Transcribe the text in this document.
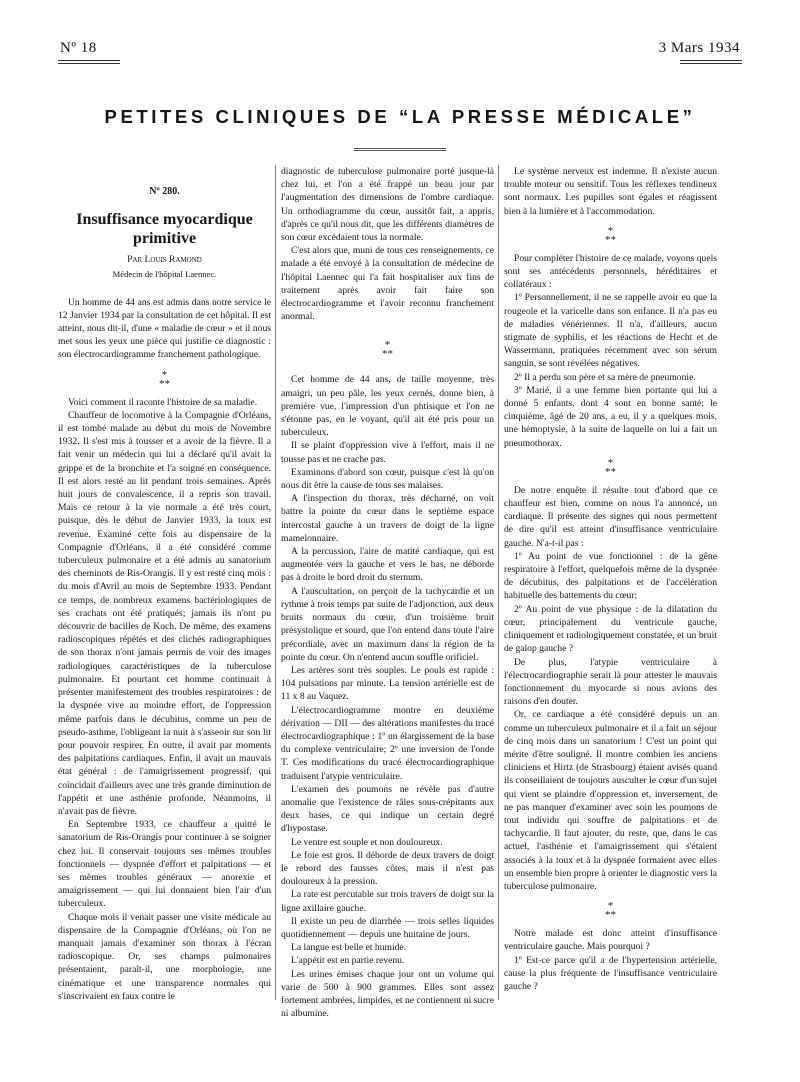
Nº 18	3 Mars 1934
PETITES CLINIQUES DE “LA PRESSE MÉDICALE”
Nº 280.
Insuffisance myocardique primitive
Par Louis Ramond
Médecin de l'hôpital Laennec.

Un homme de 44 ans est admis dans notre service le 12 Janvier 1934 par la consultation de cet hôpital. Il est atteint, nous dit-il, d'une « maladie de cœur » et il nous met sous les yeux une pièce qui justifie ce diagnostic : son électrocardiogramme franchement pathologique.

*
**

Voici comment il raconte l'histoire de sa maladie.

Chauffeur de locomotive à la Compagnie d'Orléans, il est tombé malade au début du mois de Novembre 1932. Il s'est mis à tousser et a avoir de la fièvre. Il a fait venir un médecin qui lui a déclaré qu'il avait la grippe et de la bronchite et l'a soigné en conséquence. Il est alors resté au lit pendant trois semaines. Après huit jours de convalescence, il a repris son travail. Mais ce retour à la vie normale a été très court, puisque, dès le début de Janvier 1933, la toux est revenue. Examiné cette fois au dispensaire de la Compagnie d'Orléans, il a été considéré comme tuberculeux pulmonaire et a été admis au sanatorium des cheminots de Ris-Orangis. Il y est resté cinq mois : du mois d'Avril au mois de Septembre 1933. Pendant ce temps, de nombreux examens bactériologiques de ses crachats ont été pratiqués; jamais ils n'ont pu découvrir de bacilles de Koch. De même, des examens radioscopiques répétés et des clichés radiographiques de son thorax n'ont jamais permis de voir des images radiologiques caractéristiques de la tuberculose pulmonaire. Et pourtant cet homme continuait à présenter manifestement des troubles respiratoires : de la dyspnée vive au moindre effort, de l'oppression même parfois dans le décubitus, comme un peu de pseudo-asthme, l'obligeant la nuit à s'asseoir sur son lit pour pouvoir respirer. En outre, il avait par moments des palpitations cardiaques. Enfin, il avait un mauvais état général : de l'amaigrissement progressif, qui coïncidait d'ailleurs avec une très grande diminution de l'appétit et une asthénie profonde. Néanmoins, il n'avait pas de fièvre.

En Septembre 1933, ce chauffeur a quitté le sanatorium de Ris-Orangis pour continuer à se soigner chez lui. Il conservait toujours ses mêmes troubles fonctionnels — dyspnée d'effort et palpitations — et ses mêmes troubles généraux — anorexie et amaigrissement — qui lui donnaient bien l'air d'un tuberculeux.

Chaque mois il venait passer une visite médicale au dispensaire de la Compagnie d'Orléans, où l'on ne manquait jamais d'examiner son thorax à l'écran radioscopique. Or, ses champs pulmonaires présentaient, paraît-il, une morphologie, une cinématique et une transparence normales qui s'inscrivaient en faux contre le

diagnostic de tuberculose pulmonaire porté jusque-là chez lui, et l'on a été frappé un beau jour par l'augmentation des dimensions de l'ombre cardiaque. Un orthodiagramme du cœur, aussitôt fait, a appris, d'après ce qu'il nous dit, que les différents diamètres de son cœur excédaient tous la normale.

C'est alors que, muni de tous ces renseignements, ce malade a été envoyé à la consultation de médecine de l'hôpital Laennec qui l'a fait hospitaliser aux fins de traitement après avoir fait faire son électrocardiogramme et l'avoir reconnu franchement anormal.

*
**

Cet homme de 44 ans, de taille moyenne, très amaigri, un peu pâle, les yeux cernés, donne bien, à première vue, l'impression d'un phtisique et l'on ne s'étonne pas, en le voyant, qu'il ait été pris pour un tuberculeux.

Il se plaint d'oppression vive à l'effort, mais il ne tousse pas et ne crache pas.

Examinons d'abord son cœur, puisque c'est là qu'on nous dit être la cause de tous ses malaises.

A l'inspection du thorax, très décharné, on voit battre la pointe du cœur dans le septième espace intercostal gauche à un travers de doigt de la ligne mamelonnaire.

A la percussion, l'aire de matité cardiaque, qui est augmentée vers la gauche et vers le bas, ne déborde pas à droite le bord droit du sternum.

A l'auscultation, on perçoit de la tachycardie et un rythme à trois temps par suite de l'adjonction, aux deux bruits normaux du cœur, d'un troisième bruit présystolique et sourd, que l'on entend dans toute l'aire précordiale, avec un maximum dans la région de la pointe du cœur. On n'entend aucun souffle orificiel.

Les artères sont très souples. Le pouls est rapide : 104 pulsations par minute. La tension artérielle est de 11 x 8 au Vaquez.

L'électrocardiogramme montre en deuxième dérivation — DII — des altérations manifestes du tracé électrocardiographique : 1º un élargissement de la base du complexe ventriculaire; 2º une inversion de l'onde T. Ces modifications du tracé électrocardiographique traduisent l'atypie ventriculaire.

L'examen des poumons ne révèle pas d'autre anomalie que l'existence de râles sous-crépitants aux deux bases, ce qui indique un certain degré d'hypostase.

Le ventre est souple et non douloureux.

Le foie est gros. Il déborde de deux travers de doigt le rebord des fausses côtes, mais il n'est pas douloureux à la pression.

La rate est percutable sur trois travers de doigt sur la ligne axillaire gauche.

Il existe un peu de diarrhée — trois selles liquides quotidiennement — depuis une huitaine de jours.

La langue est belle et humide.

L'appétit est en partie revenu.

Les urines émises chaque jour ont un volume qui varie de 500 à 900 grammes. Elles sont assez fortement ambrées, limpides, et ne contiennent ni sucre ni albumine.

Le système nerveux est indemne. Il n'existe aucun trouble moteur ou sensitif. Tous les réflexes tendineux sont normaux. Les pupilles sont égales et réagissent bien à la lumière et à l'accommodation.

*
**

Pour compléter l'histoire de ce malade, voyons quels sont ses antécédents personnels, héréditaires et collatéraux :

1º Personnellement, il ne se rappelle avoir eu que la rougeole et la varicelle dans son enfance. Il n'a pas eu de maladies vénériennes. Il n'a, d'ailleurs, aucun stigmate de syphilis, et les réactions de Hecht et de Wassermann, pratiquées récemment avec son sérum sanguin, se sont révélées négatives.

2º Il a perdu son père et sa mère de pneumonie.

3º Marié, il a une femme bien portante qui lui a donné 5 enfants, dont 4 sont en bonne santé; le cinquième, âgé de 20 ans, a eu, il y a quelques mois, une hémoptysie, à la suite de laquelle on lui a fait un pneumothorax.

*
**

De notre enquête il résulte tout d'abord que ce chauffeur est bien, comme on nous l'a annoncé, un cardiaque. Il présente des signes qui nous permettent de dire qu'il est atteint d'insuffisance ventriculaire gauche. N'a-t-il pas :

1º Au point de vue fonctionnel : de la gêne respiratoire à l'effort, quelquefois même de la dyspnée de décubitus, des palpitations et de l'accélération habituelle des battements du cœur;

2º Au point de vue physique : de la dilatation du cœur, principalement du ventricule gauche, cliniquement et radiologiquement constatée, et un bruit de galop gauche ?

De plus, l'atypie ventriculaire à l'électrocardiographie serait là pour attester le mauvais fonctionnement du myocarde si nous avions des raisons d'en douter.

Or, ce cardiaque a été considéré depuis un an comme un tuberculeux pulmonaire et il a fait un séjour de cinq mois dans un sanatorium ! C'est un point qui mérite d'être souligné. Il montre combien les anciens cliniciens et Hirtz (de Strasbourg) étaient avisés quand ils conseillaient de toujours ausculter le cœur d'un sujet qui vient se plaindre d'oppression et, inversement, de ne pas manquer d'examiner avec soin les poumons de tout individu qui souffre de palpitations et de tachycardie. Il faut ajouter, du reste, que, dans le cas actuel, l'asthénie et l'amaigrissement qui s'étaient associés à la toux et à la dyspnée formaient avec elles un ensemble bien propre à orienter le diagnostic vers la tuberculose pulmonaire.

*
**

Notre malade est donc atteint d'insuffisance ventriculaire gauche. Mais pourquoi ?

1º Est-ce parce qu'il a de l'hypertension artérielle, cause la plus fréquente de l'insuffisance ventriculaire gauche ?
